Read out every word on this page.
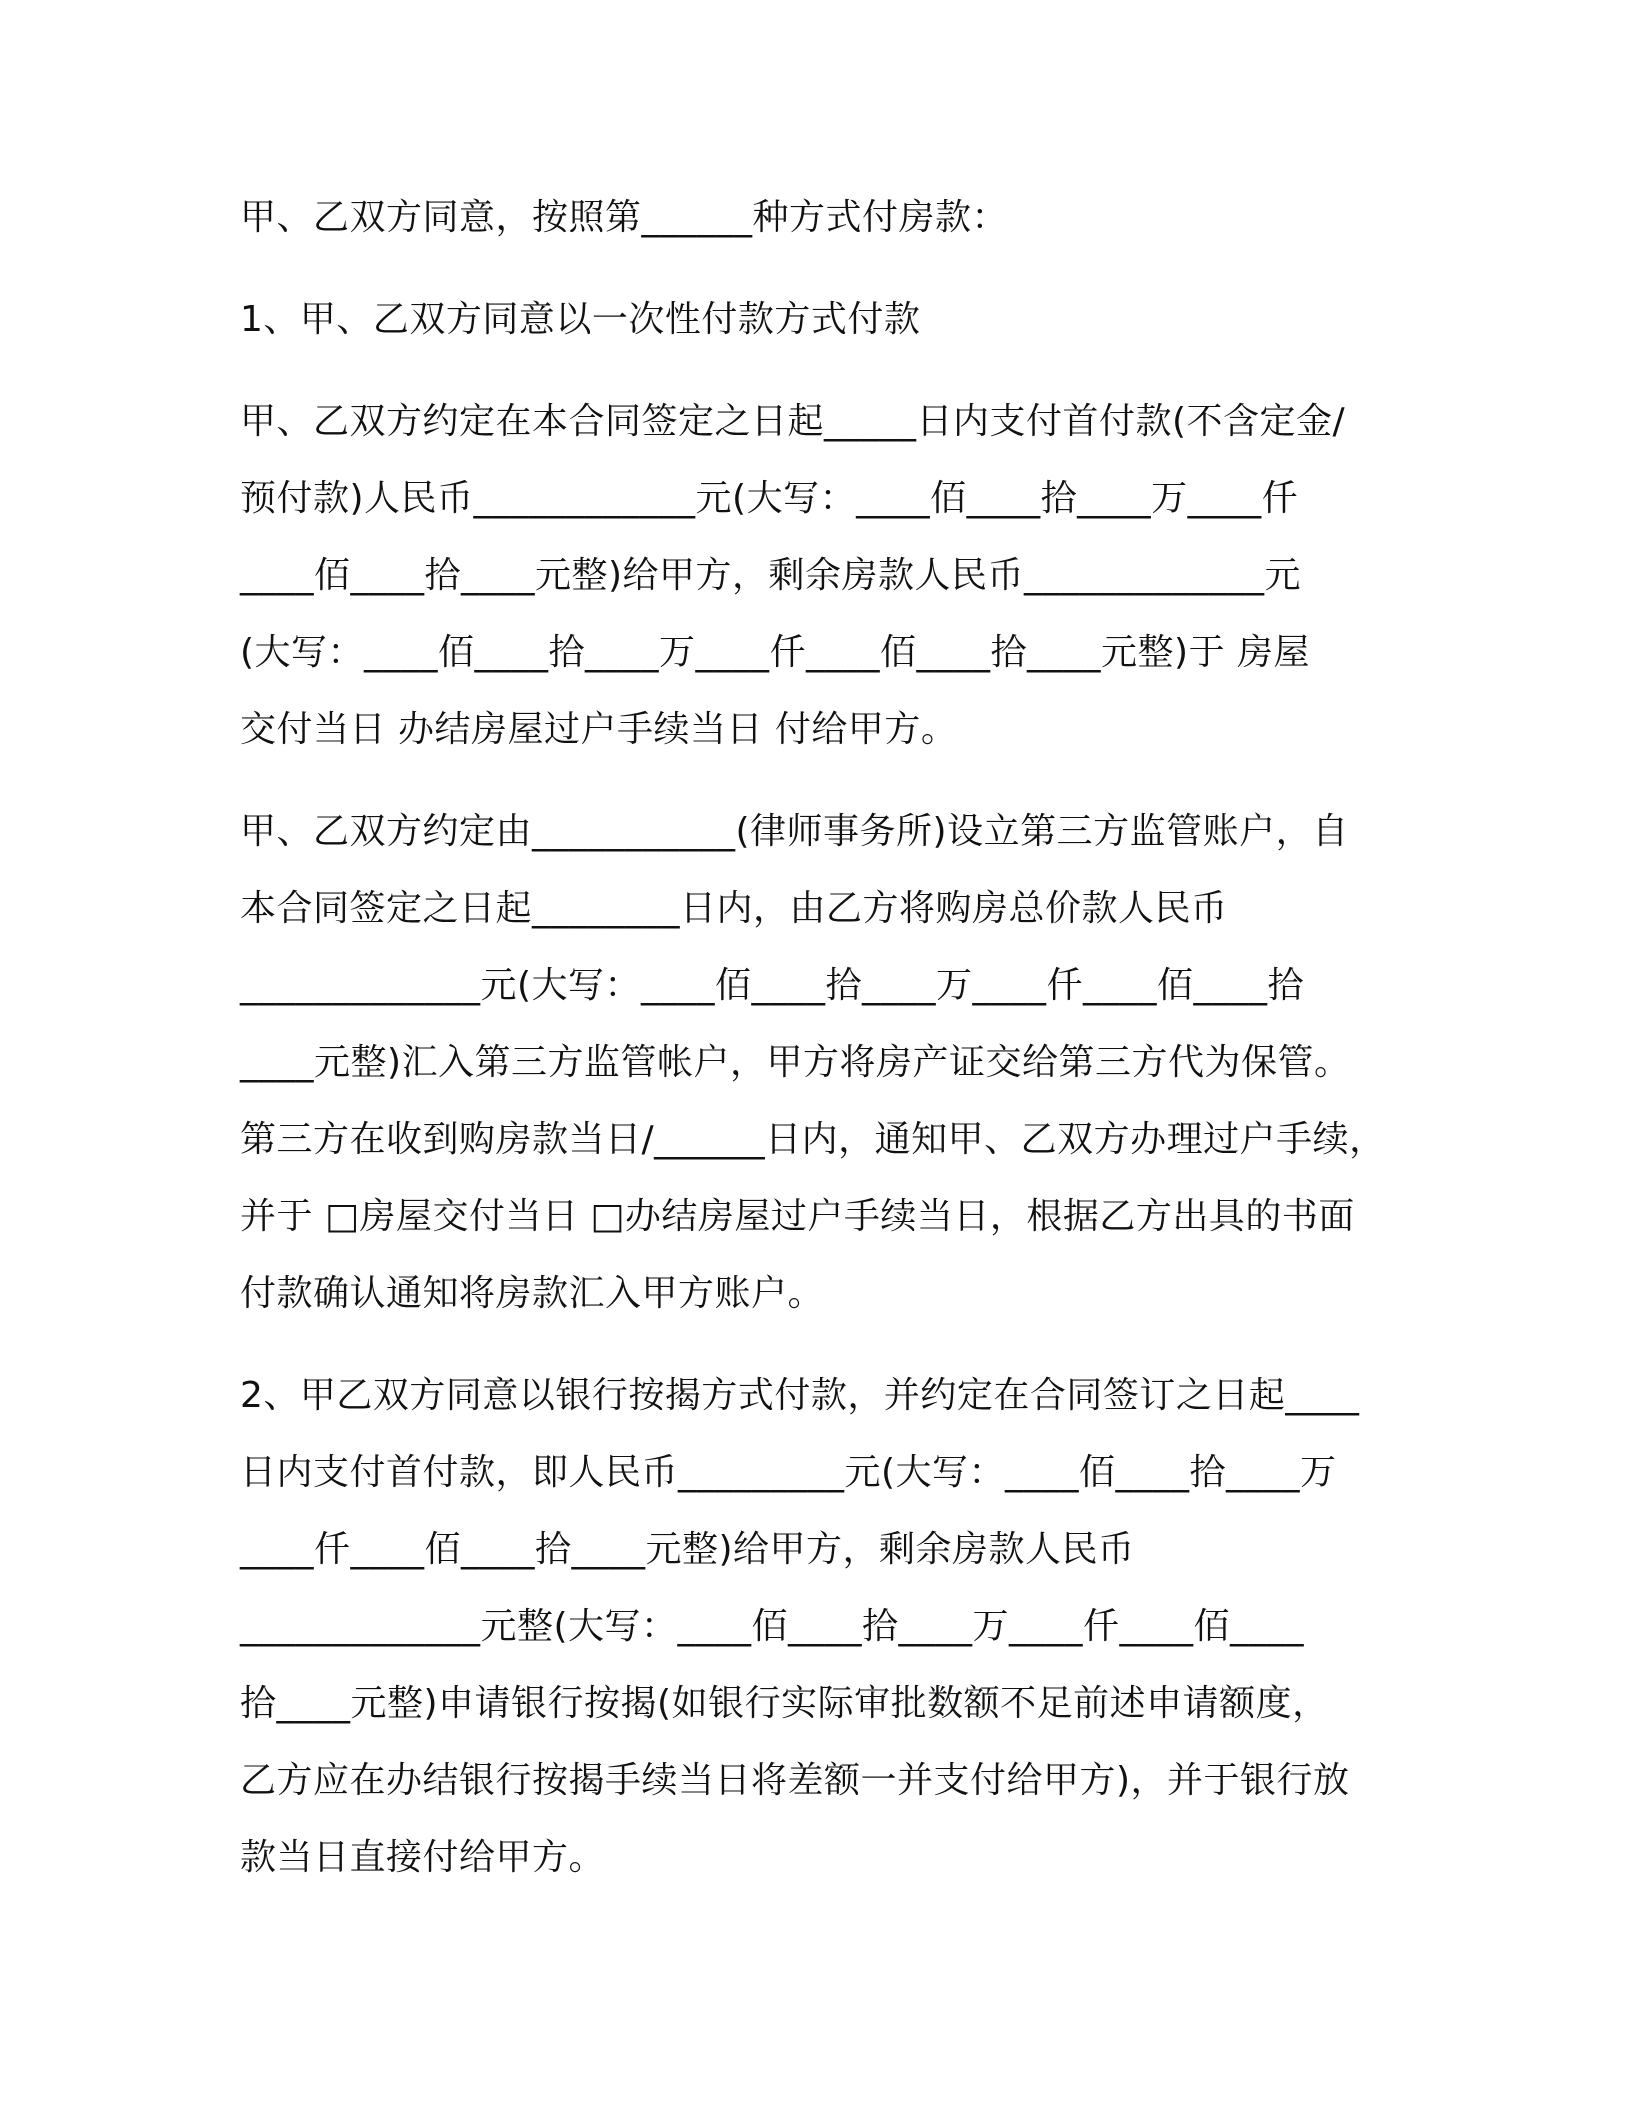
甲、乙双方同意，按照第______种方式付房款：

1、甲、乙双方同意以一次性付款方式付款

甲、乙双方约定在本合同签定之日起_____日内支付首付款(不含定金/

预付款)人民币____________元(大写：____佰____拾____万____仟

____佰____拾____元整)给甲方，剩余房款人民币_____________元

(大写：____佰____拾____万____仟____佰____拾____元整)于 房屋

交付当日 办结房屋过户手续当日 付给甲方。

甲、乙双方约定由___________(律师事务所)设立第三方监管账户，自

本合同签定之日起________日内，由乙方将购房总价款人民币

_____________元(大写：____佰____拾____万____仟____佰____拾

____元整)汇入第三方监管帐户，甲方将房产证交给第三方代为保管。

第三方在收到购房款当日/______日内，通知甲、乙双方办理过户手续，

并于 □房屋交付当日 □办结房屋过户手续当日，根据乙方出具的书面

付款确认通知将房款汇入甲方账户。

2、甲乙双方同意以银行按揭方式付款，并约定在合同签订之日起____

日内支付首付款，即人民币_________元(大写：____佰____拾____万

____仟____佰____拾____元整)给甲方，剩余房款人民币

_____________元整(大写：____佰____拾____万____仟____佰____

拾____元整)申请银行按揭(如银行实际审批数额不足前述申请额度，

乙方应在办结银行按揭手续当日将差额一并支付给甲方)，并于银行放

款当日直接付给甲方。
